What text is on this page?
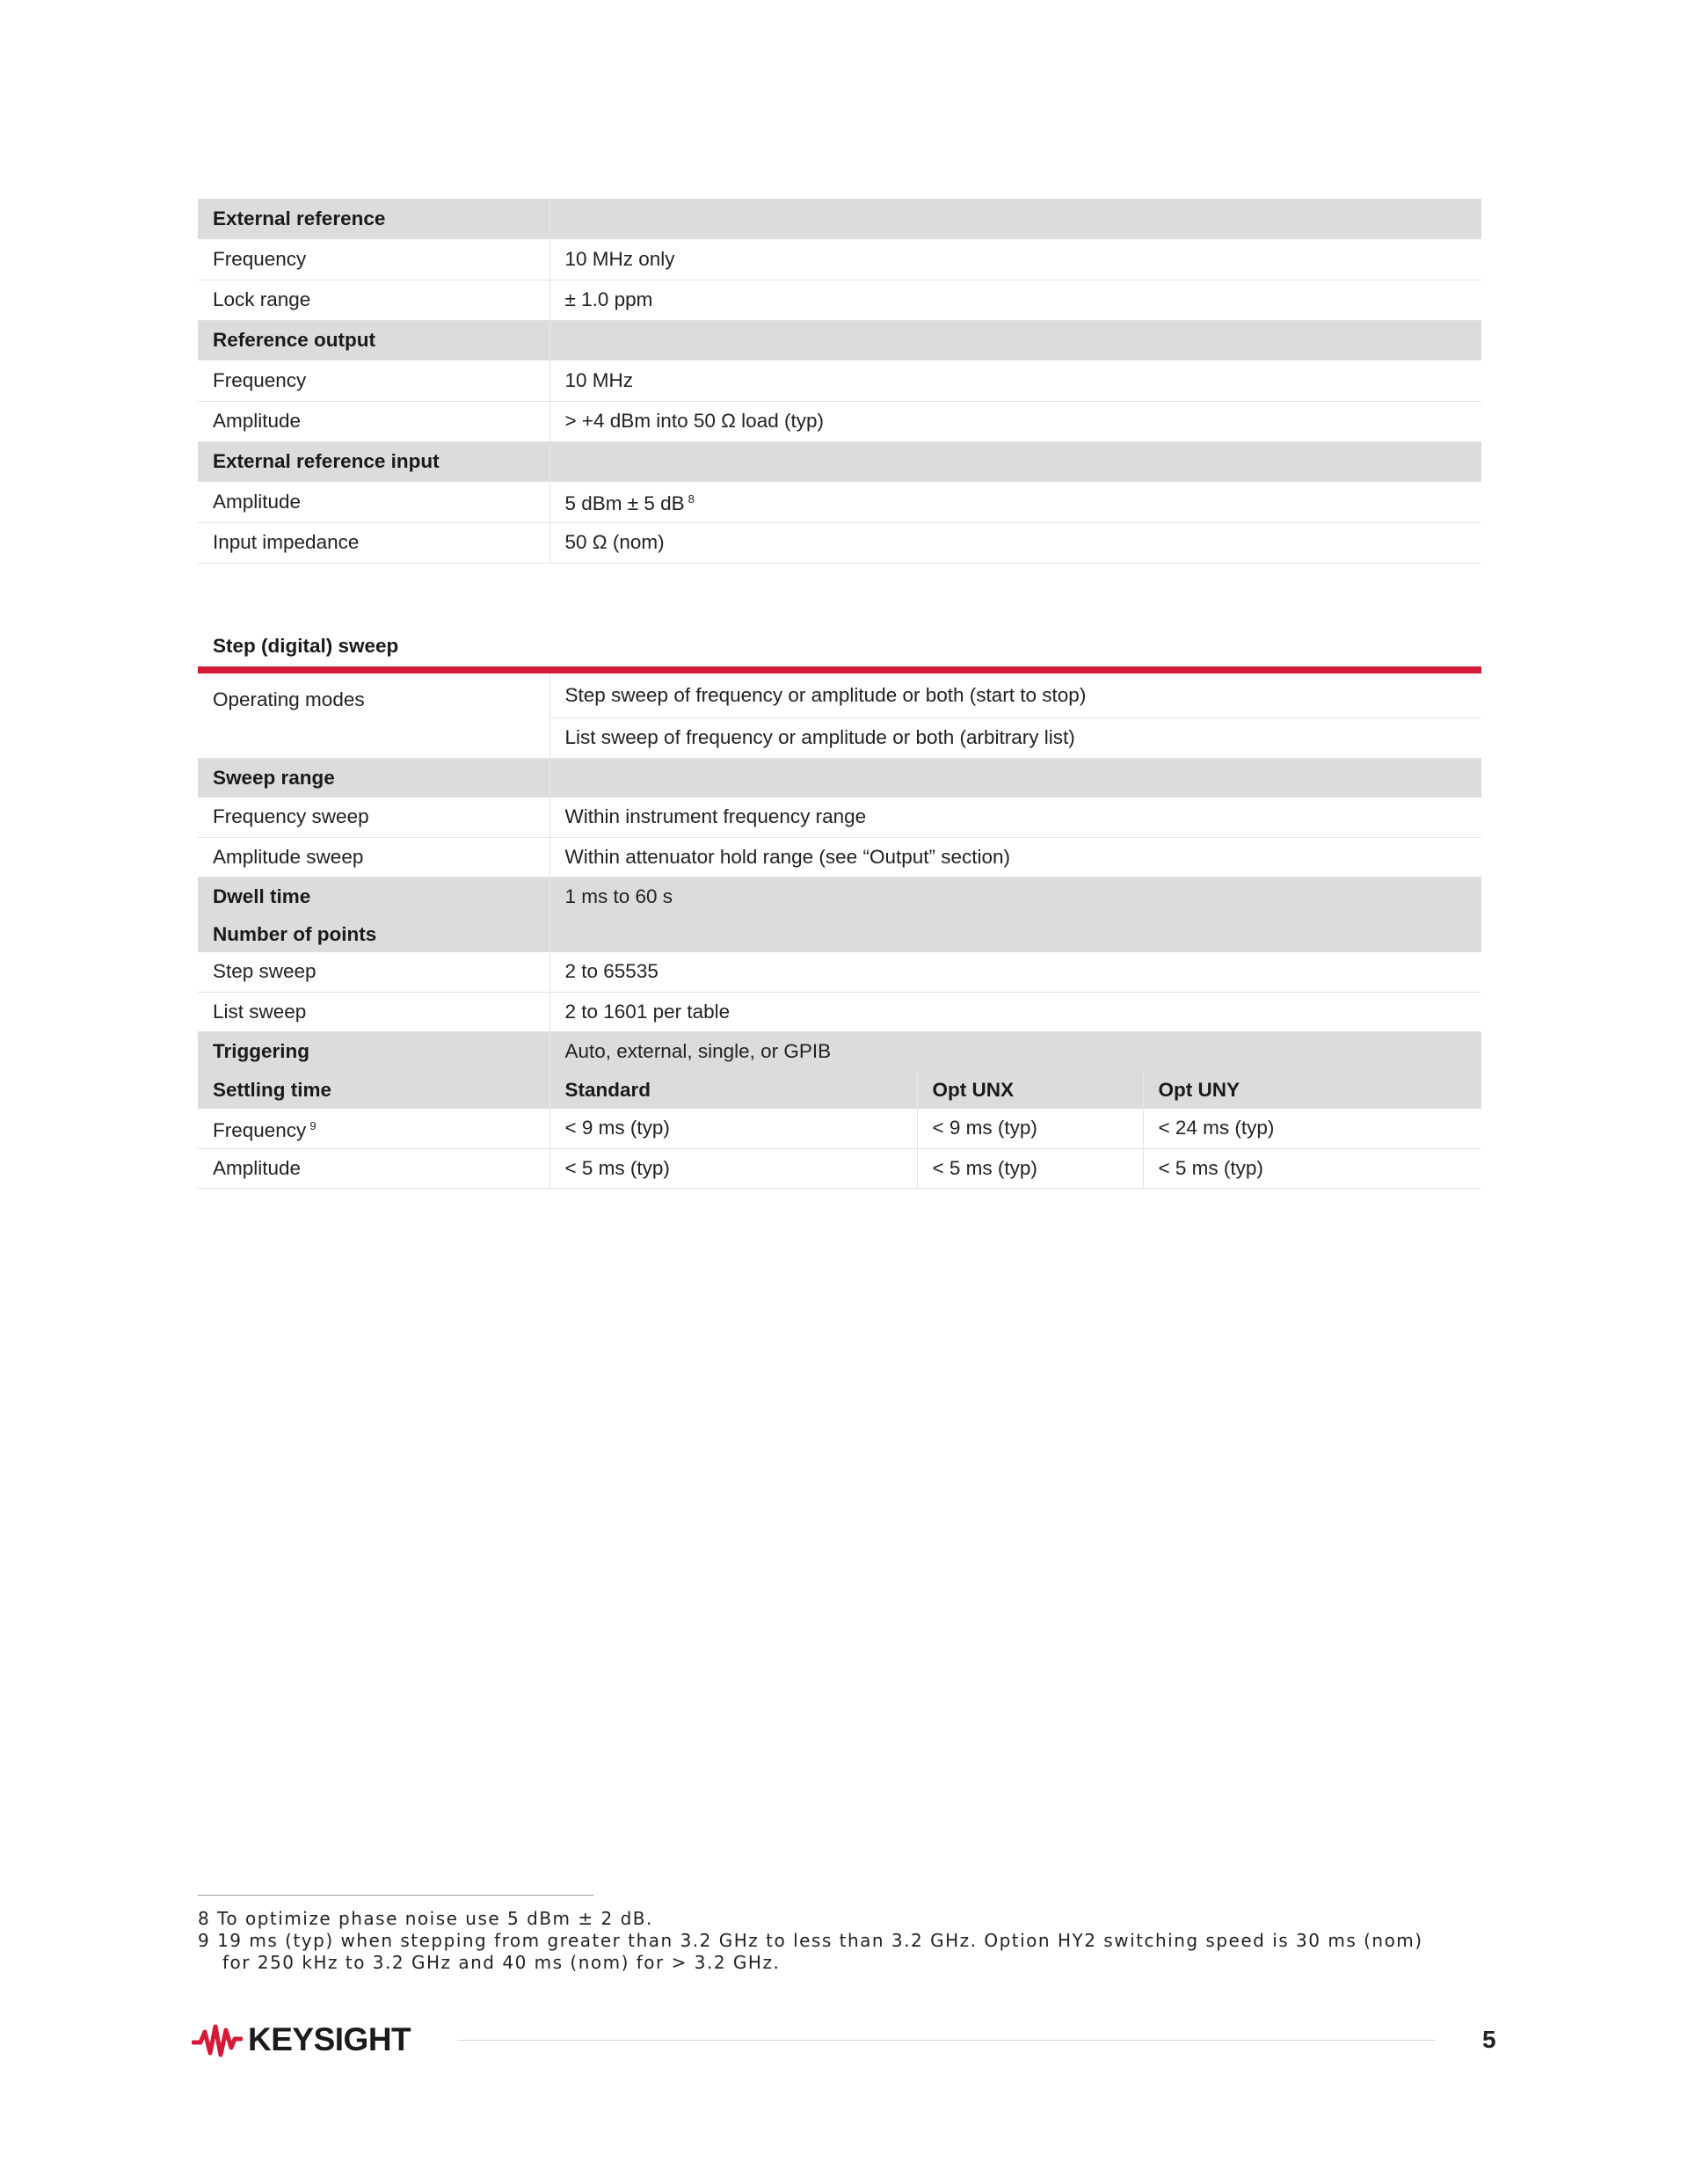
External reference	
Frequency	10 MHz only
Lock range	± 1.0 ppm
Reference output	
Frequency	10 MHz
Amplitude	> +4 dBm into 50 Ω load (typ)
External reference input	
Amplitude	5 dBm ± 5 dB $^8$
Input impedance	50 Ω (nom)
Step (digital) sweep
Operating modes	Step sweep of frequency or amplitude or both (start to stop)		
	List sweep of frequency or amplitude or both (arbitrary list)		
Sweep range			
Frequency sweep	Within instrument frequency range		
Amplitude sweep	Within attenuator hold range (see “Output” section)		
Dwell time	1 ms to 60 s		
Number of points			
Step sweep	2 to 65535		
List sweep	2 to 1601 per table		
Triggering	Auto, external, single, or GPIB		
Settling time	Standard	Opt UNX	Opt UNY
Frequency $^9$	< 9 ms (typ)	< 9 ms (typ)	< 24 ms (typ)
Amplitude	< 5 ms (typ)	< 5 ms (typ)	< 5 ms (typ)
8 To optimize phase noise use 5 dBm ± 2 dB.
9 19 ms (typ) when stepping from greater than 3.2 GHz to less than 3.2 GHz. Option HY2 switching speed is 30 ms (nom)
for 250 kHz to 3.2 GHz and 40 ms (nom) for > 3.2 GHz.
KEYSIGHT	5
